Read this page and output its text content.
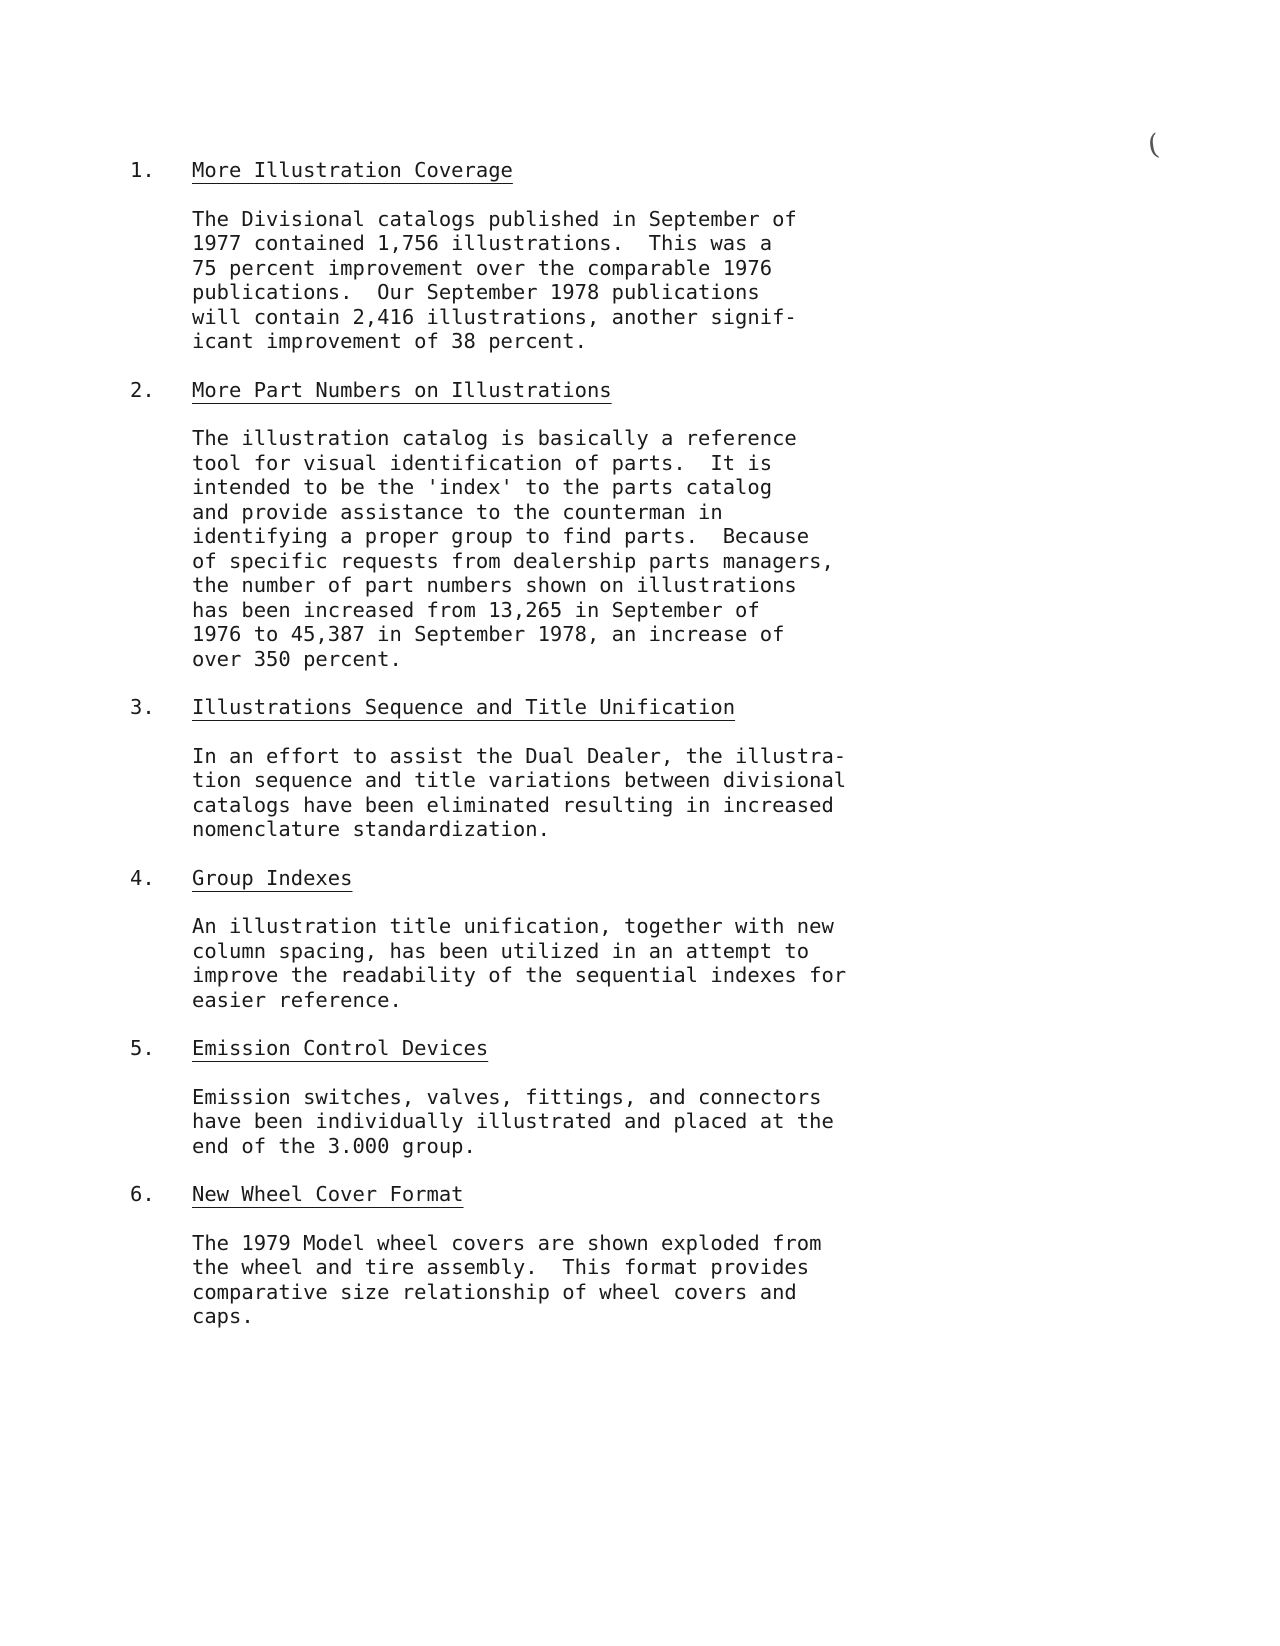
(
1. More Illustration Coverage
The Divisional catalogs published in September of
1977 contained 1,756 illustrations.  This was a
75 percent improvement over the comparable 1976
publications.  Our September 1978 publications
will contain 2,416 illustrations, another signif-
icant improvement of 38 percent.
2. More Part Numbers on Illustrations
The illustration catalog is basically a reference
tool for visual identification of parts.  It is
intended to be the 'index' to the parts catalog
and provide assistance to the counterman in
identifying a proper group to find parts.  Because
of specific requests from dealership parts managers,
the number of part numbers shown on illustrations
has been increased from 13,265 in September of
1976 to 45,387 in September 1978, an increase of
over 350 percent.
3. Illustrations Sequence and Title Unification
In an effort to assist the Dual Dealer, the illustra-
tion sequence and title variations between divisional
catalogs have been eliminated resulting in increased
nomenclature standardization.
4. Group Indexes
An illustration title unification, together with new
column spacing, has been utilized in an attempt to
improve the readability of the sequential indexes for
easier reference.
5. Emission Control Devices
Emission switches, valves, fittings, and connectors
have been individually illustrated and placed at the
end of the 3.000 group.
6. New Wheel Cover Format
The 1979 Model wheel covers are shown exploded from
the wheel and tire assembly.  This format provides
comparative size relationship of wheel covers and
caps.
